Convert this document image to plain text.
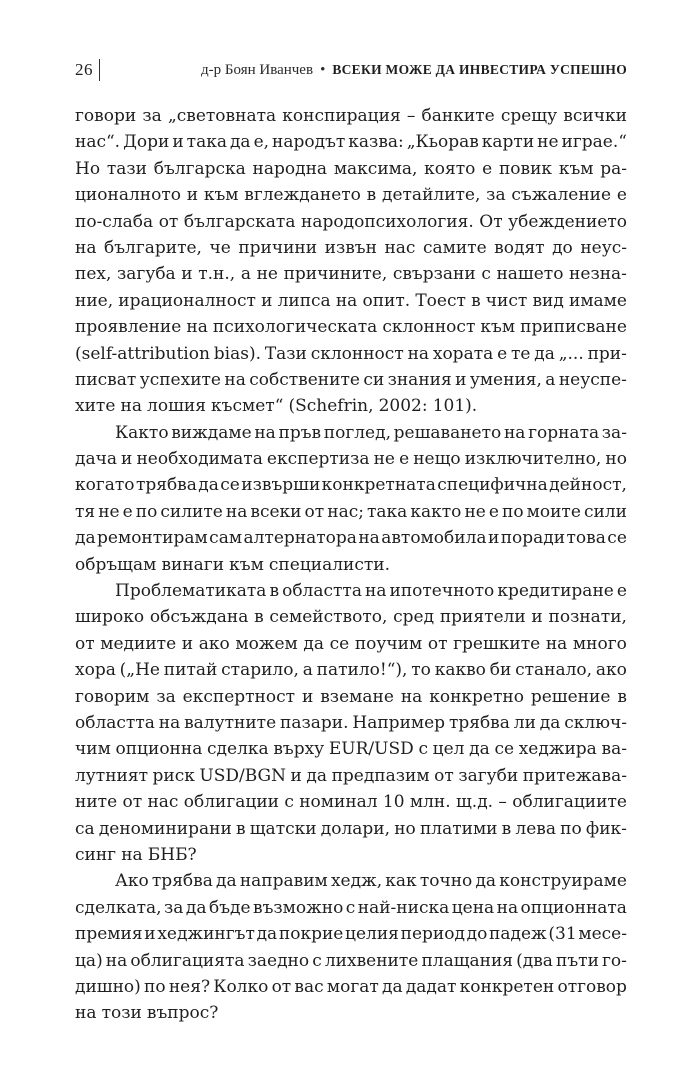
26	д-р Боян Иванчев • ВСЕКИ МОЖЕ ДА ИНВЕСТИРА УСПЕШНО
говори за „световната конспирация – банките срещу всички
нас“. Дори и така да е, народът казва: „Кьорав карти не играе.“
Но тази българска народна максима, която е повик към ра-
ционалното и към вглеждането в детайлите, за съжаление е
по-слаба от българската народопсихология. От убеждението
на българите, че причини извън нас самите водят до неус-
пех, загуба и т.н., а не причините, свързани с нашето незна-
ние, ирационалност и липса на опит. Тоест в чист вид имаме
проявление на психологическата склонност към приписване
(self-attribution bias). Тази склонност на хората е те да „... при-
писват успехите на собствените си знания и умения, а неуспе-
хите на лошия късмет“ (Schefrin, 2002: 101).
Както виждаме на пръв поглед, решаването на горната за-
дача и необходимата експертиза не е нещо изключително, но
когато трябва да се извърши конкретната специфична дейност,
тя не е по силите на всеки от нас; така както не е по моите сили
да ремонтирам сам алтернатора на автомобила и поради това се
обръщам винаги към специалисти.
Проблематиката в областта на ипотечното кредитиране е
широко обсъждана в семейството, сред приятели и познати,
от медиите и ако можем да се поучим от грешките на много
хора („Не питай старило, а патило!“), то какво би станало, ако
говорим за експертност и вземане на конкретно решение в
областта на валутните пазари. Например трябва ли да сключ-
чим опционна сделка върху EUR/USD с цел да се хеджира ва-
лутният риск USD/BGN и да предпазим от загуби притежава-
ните от нас облигации с номинал 10 млн. щ.д. – облигациите
са деноминирани в щатски долари, но платими в лева по фик-
синг на БНБ?
Ако трябва да направим хедж, как точно да конструираме
сделката, за да бъде възможно с най-ниска цена на опционната
премия и хеджингът да покрие целия период до падеж (31 месе-
ца) на облигацията заедно с лихвените плащания (два пъти го-
дишно) по нея? Колко от вас могат да дадат конкретен отговор
на този въпрос?
